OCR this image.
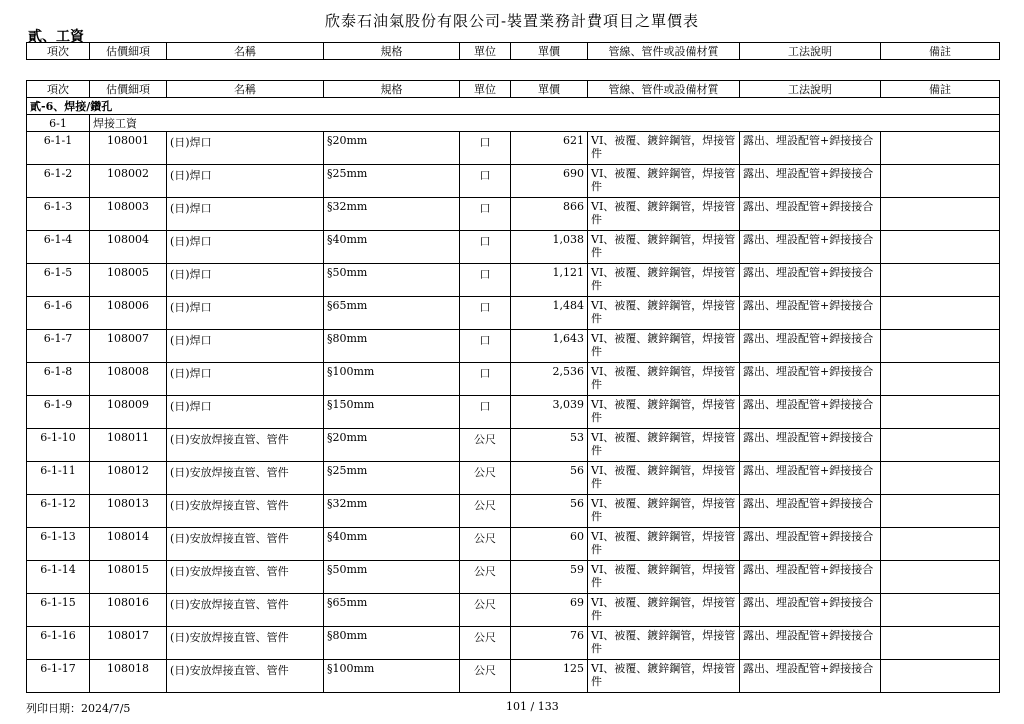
欣泰石油氣股份有限公司-裝置業務計費項目之單價表
貳、工資
項次	估價細項	名稱	規格	單位	單價	管線、管件或設備材質	工法說明	備註
項次	估價細項	名稱	規格	單位	單價	管線、管件或設備材質	工法說明	備註
貳-6、焊接/鑽孔								
6-1	焊接工資							
6-1-1	108001	(日)焊口	§20mm	口	621	VI、被覆、鍍鋅鋼管，焊接管件	露出、埋設配管+銲接接合	
6-1-2	108002	(日)焊口	§25mm	口	690	VI、被覆、鍍鋅鋼管，焊接管件	露出、埋設配管+銲接接合	
6-1-3	108003	(日)焊口	§32mm	口	866	VI、被覆、鍍鋅鋼管，焊接管件	露出、埋設配管+銲接接合	
6-1-4	108004	(日)焊口	§40mm	口	1,038	VI、被覆、鍍鋅鋼管，焊接管件	露出、埋設配管+銲接接合	
6-1-5	108005	(日)焊口	§50mm	口	1,121	VI、被覆、鍍鋅鋼管，焊接管件	露出、埋設配管+銲接接合	
6-1-6	108006	(日)焊口	§65mm	口	1,484	VI、被覆、鍍鋅鋼管，焊接管件	露出、埋設配管+銲接接合	
6-1-7	108007	(日)焊口	§80mm	口	1,643	VI、被覆、鍍鋅鋼管，焊接管件	露出、埋設配管+銲接接合	
6-1-8	108008	(日)焊口	§100mm	口	2,536	VI、被覆、鍍鋅鋼管，焊接管件	露出、埋設配管+銲接接合	
6-1-9	108009	(日)焊口	§150mm	口	3,039	VI、被覆、鍍鋅鋼管，焊接管件	露出、埋設配管+銲接接合	
6-1-10	108011	(日)安放焊接直管、管件	§20mm	公尺	53	VI、被覆、鍍鋅鋼管，焊接管件	露出、埋設配管+銲接接合	
6-1-11	108012	(日)安放焊接直管、管件	§25mm	公尺	56	VI、被覆、鍍鋅鋼管，焊接管件	露出、埋設配管+銲接接合	
6-1-12	108013	(日)安放焊接直管、管件	§32mm	公尺	56	VI、被覆、鍍鋅鋼管，焊接管件	露出、埋設配管+銲接接合	
6-1-13	108014	(日)安放焊接直管、管件	§40mm	公尺	60	VI、被覆、鍍鋅鋼管，焊接管件	露出、埋設配管+銲接接合	
6-1-14	108015	(日)安放焊接直管、管件	§50mm	公尺	59	VI、被覆、鍍鋅鋼管，焊接管件	露出、埋設配管+銲接接合	
6-1-15	108016	(日)安放焊接直管、管件	§65mm	公尺	69	VI、被覆、鍍鋅鋼管，焊接管件	露出、埋設配管+銲接接合	
6-1-16	108017	(日)安放焊接直管、管件	§80mm	公尺	76	VI、被覆、鍍鋅鋼管，焊接管件	露出、埋設配管+銲接接合	
6-1-17	108018	(日)安放焊接直管、管件	§100mm	公尺	125	VI、被覆、鍍鋅鋼管，焊接管件	露出、埋設配管+銲接接合	
列印日期：2024/7/5	101 / 133
